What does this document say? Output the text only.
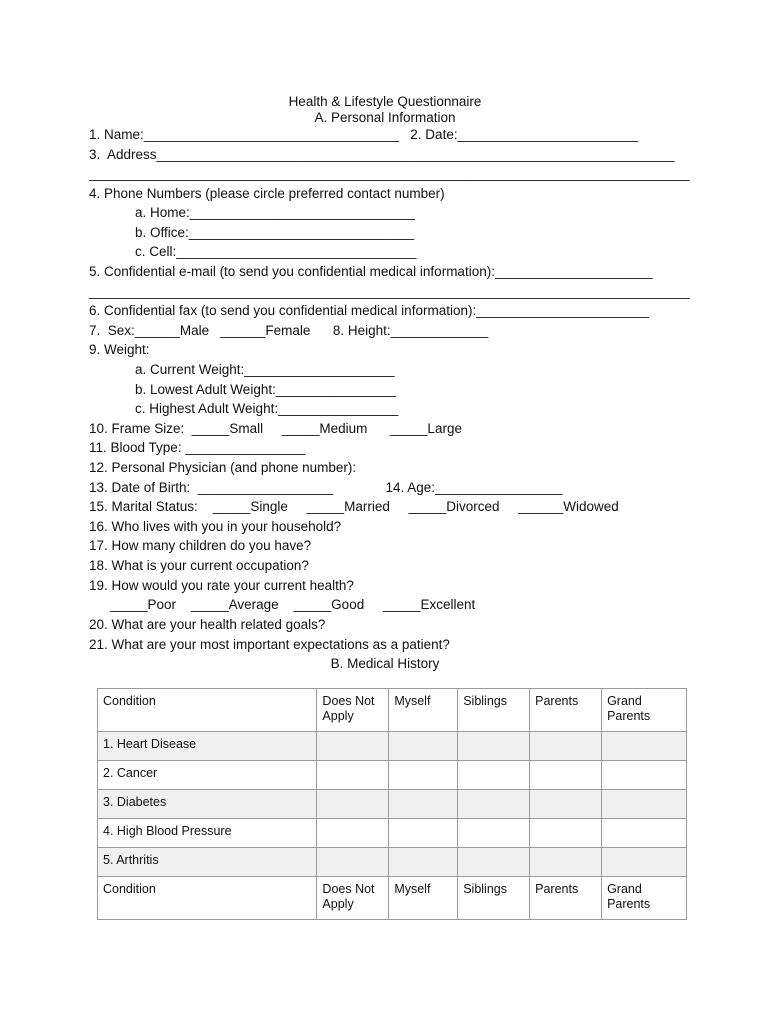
Health & Lifestyle Questionnaire
A. Personal Information
1. Name:__________________________________   2. Date:________________________
3.  Address_____________________________________________________________________
________________________________________________________________________________
4. Phone Numbers (please circle preferred contact number)
a. Home:______________________________
b. Office:______________________________
c. Cell:________________________________
5. Confidential e-mail (to send you confidential medical information):_____________________
________________________________________________________________________________
6. Confidential fax (to send you confidential medical information):_______________________
7.  Sex:______Male   ______Female      8. Height:_____________
9. Weight:
a. Current Weight:____________________
b. Lowest Adult Weight:________________
c. Highest Adult Weight:________________
10. Frame Size:  _____Small     _____Medium      _____Large
11. Blood Type: ________________
12. Personal Physician (and phone number):
13. Date of Birth:  __________________              14. Age:_________________
15. Marital Status:    _____Single     _____Married     _____Divorced     ______Widowed
16. Who lives with you in your household?
17. How many children do you have?
18. What is your current occupation?
19. How would you rate your current health?
_____Poor    _____Average    _____Good     _____Excellent
20. What are your health related goals?
21. What are your most important expectations as a patient?
B. Medical History
Condition	Does Not Apply	Myself	Siblings	Parents	Grand Parents
1. Heart Disease					
2. Cancer					
3. Diabetes					
4. High Blood Pressure					
5. Arthritis					
Condition	Does Not Apply	Myself	Siblings	Parents	Grand Parents
